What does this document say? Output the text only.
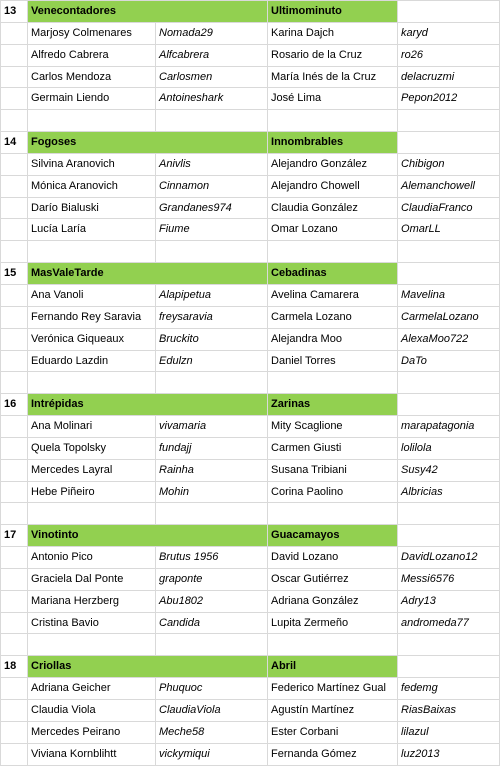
13	Venecontadores		Ultimominuto	
	Marjosy Colmenares	Nomada29	Karina Dajch	karyd
	Alfredo Cabrera	Alfcabrera	Rosario de la Cruz	ro26
	Carlos Mendoza	Carlosmen	María Inés de la Cruz	delacruzmi
	Germain Liendo	Antoineshark	José Lima	Pepon2012

14	Fogoses		Innombrables	
	Silvina Aranovich	Anivlis	Alejandro González	Chibigon
	Mónica Aranovich	Cinnamon	Alejandro Chowell	Alemanchowell
	Darío Bialuski	Grandanes974	Claudia González	ClaudiaFranco
	Lucía Laría	Fiume	Omar Lozano	OmarLL

15	MasValeTarde		Cebadinas	
	Ana Vanoli	Alapipetua	Avelina Camarera	Mavelina
	Fernando Rey Saravia	freysaravia	Carmela Lozano	CarmelaLozano
	Verónica Giqueaux	Bruckito	Alejandra Moo	AlexaMoo722
	Eduardo Lazdin	Edulzn	Daniel Torres	DaTo

16	Intrépidas		Zarinas	
	Ana Molinari	vivamaria	Mity Scaglione	marapatagonia
	Quela Topolsky	fundajj	Carmen Giusti	lolilola
	Mercedes Layral	Rainha	Susana Tribiani	Susy42
	Hebe Piñeiro	Mohin	Corina Paolino	Albricias

17	Vinotinto		Guacamayos	
	Antonio Pico	Brutus 1956	David Lozano	DavidLozano12
	Graciela Dal Ponte	graponte	Oscar Gutiérrez	Messi6576
	Mariana Herzberg	Abu1802	Adriana González	Adry13
	Cristina Bavio	Candida	Lupita Zermeño	andromeda77

18	Criollas		Abril	
	Adriana Geicher	Phuquoc	Federico Martínez Gual	fedemg
	Claudia Viola	ClaudiaViola	Agustín Martínez	RiasBaixas
	Mercedes Peirano	Meche58	Ester Corbani	lilazul
	Viviana Kornblihtt	vickymiqui	Fernanda Gómez	luz2013
